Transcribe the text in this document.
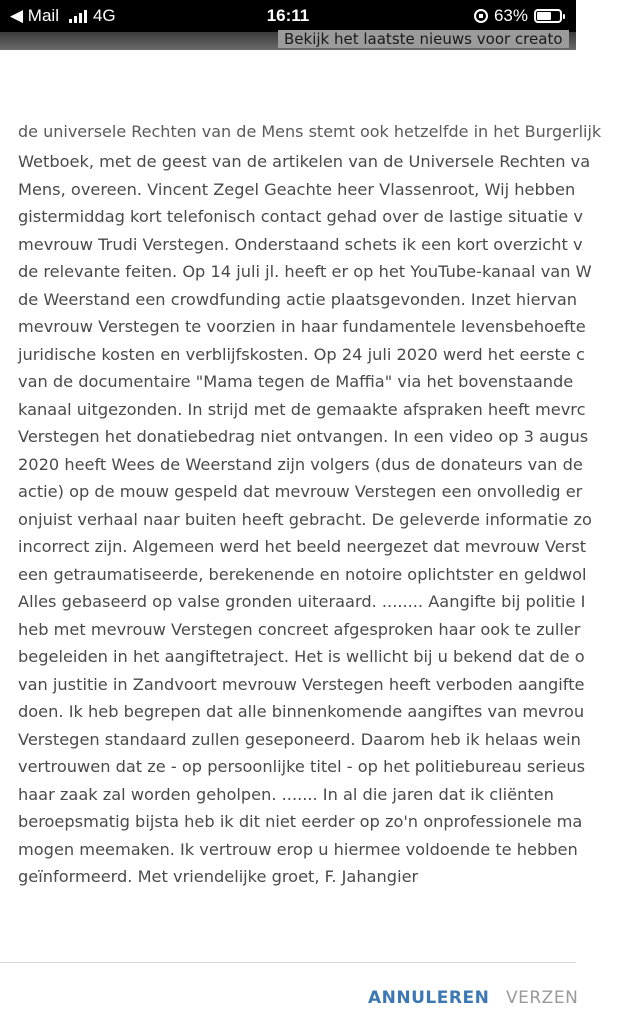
◀ Mail 4G	16:11	63%
Bekijk het laatste nieuws voor creato
de universele Rechten van de Mens stemt ook hetzelfde in het Burgerlijk
Wetboek, met de geest van de artikelen van de Universele Rechten va
Mens, overeen. Vincent Zegel Geachte heer Vlassenroot, Wij hebben
gistermiddag kort telefonisch contact gehad over de lastige situatie v
mevrouw Trudi Verstegen. Onderstaand schets ik een kort overzicht v
de relevante feiten. Op 14 juli jl. heeft er op het YouTube-kanaal van W
de Weerstand een crowdfunding actie plaatsgevonden. Inzet hiervan
mevrouw Verstegen te voorzien in haar fundamentele levensbehoefte
juridische kosten en verblijfskosten. Op 24 juli 2020 werd het eerste c
van de documentaire "Mama tegen de Maffia" via het bovenstaande
kanaal uitgezonden. In strijd met de gemaakte afspraken heeft mevrc
Verstegen het donatiebedrag niet ontvangen. In een video op 3 augus
2020 heeft Wees de Weerstand zijn volgers (dus de donateurs van de
actie) op de mouw gespeld dat mevrouw Verstegen een onvolledig er
onjuist verhaal naar buiten heeft gebracht. De geleverde informatie zo
incorrect zijn. Algemeen werd het beeld neergezet dat mevrouw Verst
een getraumatiseerde, berekenende en notoire oplichtster en geldwol
Alles gebaseerd op valse gronden uiteraard. ........ Aangifte bij politie I
heb met mevrouw Verstegen concreet afgesproken haar ook te zuller
begeleiden in het aangiftetraject. Het is wellicht bij u bekend dat de o
van justitie in Zandvoort mevrouw Verstegen heeft verboden aangifte
doen. Ik heb begrepen dat alle binnenkomende aangiftes van mevrou
Verstegen standaard zullen geseponeerd. Daarom heb ik helaas wein
vertrouwen dat ze - op persoonlijke titel - op het politiebureau serieus
haar zaak zal worden geholpen. ....... In al die jaren dat ik cliënten
beroepsmatig bijsta heb ik dit niet eerder op zo'n onprofessionele ma
mogen meemaken. Ik vertrouw erop u hiermee voldoende te hebben
geïnformeerd. Met vriendelijke groet, F. Jahangier
ANNULEREN VERZEN
